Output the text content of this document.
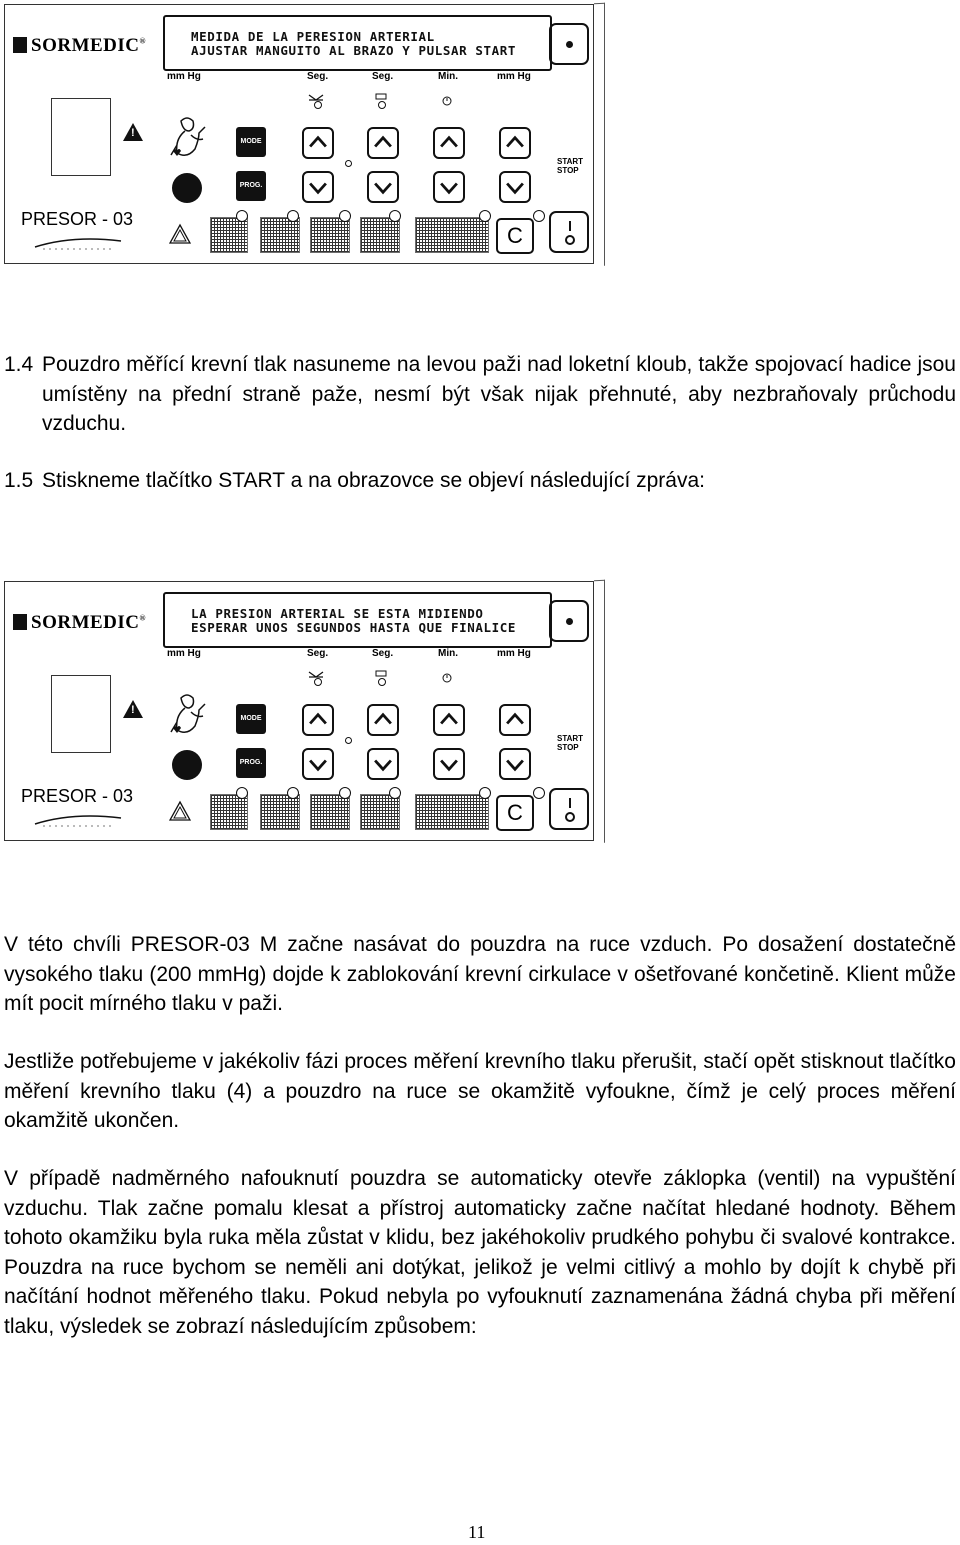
SORMEDIC®	MEDIDA DE LA PERESION ARTERIAL
AJUSTAR MANGUITO AL BRAZO Y PULSAR START
mm Hg	Seg.	Seg.	Min.	mm Hg
!
MODE
PROG.
START
STOP
PRESOR - 03
C
SORMEDIC®	LA PRESION ARTERIAL SE ESTA MIDIENDO
ESPERAR UNOS SEGUNDOS HASTA QUE FINALICE
mm Hg	Seg.	Seg.	Min.	mm Hg
!
MODE
PROG.
START
STOP
PRESOR - 03
C
1.4 Pouzdro měřící krevní tlak nasuneme na levou paži nad loketní kloub, takže spojovací hadice jsou umístěny na přední straně paže, nesmí být však nijak přehnuté, aby nezbraňovaly průchodu vzduchu.
1.5 Stiskneme tlačítko START a na obrazovce se objeví následující zpráva:
V této chvíli PRESOR-03 M začne nasávat do pouzdra na ruce vzduch. Po dosažení dostatečně vysokého tlaku (200 mmHg) dojde k zablokování krevní cirkulace v ošetřované končetině. Klient může mít pocit mírného tlaku v paži.
Jestliže potřebujeme v jakékoliv fázi proces měření krevního tlaku přerušit, stačí opět stisknout tlačítko měření krevního tlaku (4) a pouzdro na ruce se okamžitě vyfoukne, čímž je celý proces měření okamžitě ukončen.
V případě nadměrného nafouknutí pouzdra se automaticky otevře záklopka (ventil) na vypuštění vzduchu. Tlak začne pomalu klesat a přístroj automaticky začne načítat hledané hodnoty. Během tohoto okamžiku byla ruka měla zůstat v klidu, bez jakéhokoliv prudkého pohybu či svalové kontrakce. Pouzdra na ruce bychom se neměli ani dotýkat, jelikož je velmi citlivý a mohlo by dojít k chybě při načítání hodnot měřeného tlaku. Pokud nebyla po vyfouknutí zaznamenána žádná chyba při měření tlaku, výsledek se zobrazí následujícím způsobem:
11
